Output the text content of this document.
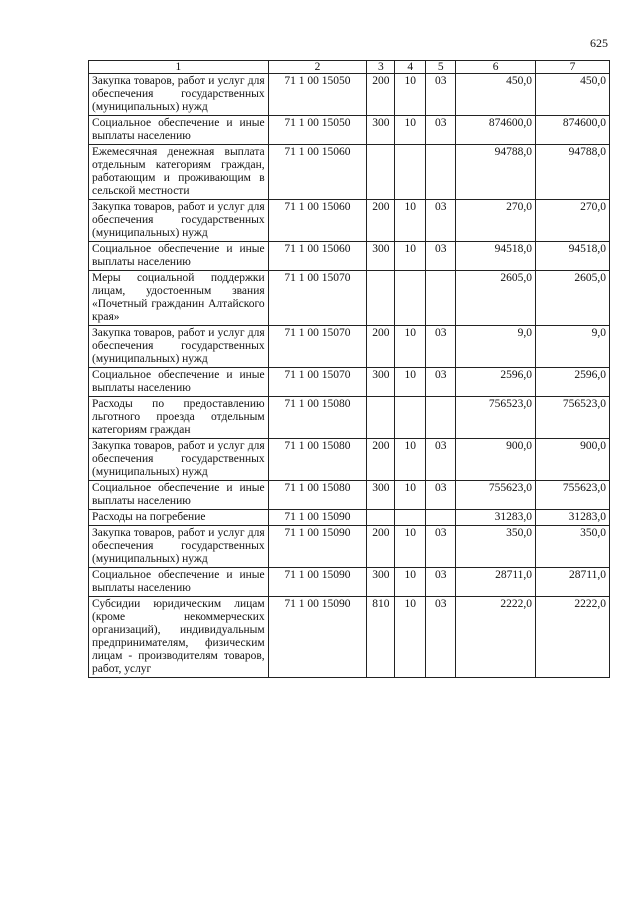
625
1	2	3	4	5	6	7
Закупка товаров, работ и услуг для обеспечения государственных (муниципальных) нужд	71 1 00 15050	200	10	03	450,0	450,0
Социальное обеспечение и иные выплаты населению	71 1 00 15050	300	10	03	874600,0	874600,0
Ежемесячная денежная выплата отдельным категориям граждан, работающим и проживающим в сельской местности	71 1 00 15060				94788,0	94788,0
Закупка товаров, работ и услуг для обеспечения государственных (муниципальных) нужд	71 1 00 15060	200	10	03	270,0	270,0
Социальное обеспечение и иные выплаты населению	71 1 00 15060	300	10	03	94518,0	94518,0
Меры социальной поддержки лицам, удостоенным звания «Почетный гражданин Алтайского края»	71 1 00 15070				2605,0	2605,0
Закупка товаров, работ и услуг для обеспечения государственных (муниципальных) нужд	71 1 00 15070	200	10	03	9,0	9,0
Социальное обеспечение и иные выплаты населению	71 1 00 15070	300	10	03	2596,0	2596,0
Расходы по предоставлению льготного проезда отдельным категориям граждан	71 1 00 15080				756523,0	756523,0
Закупка товаров, работ и услуг для обеспечения государственных (муниципальных) нужд	71 1 00 15080	200	10	03	900,0	900,0
Социальное обеспечение и иные выплаты населению	71 1 00 15080	300	10	03	755623,0	755623,0
Расходы на погребение	71 1 00 15090				31283,0	31283,0
Закупка товаров, работ и услуг для обеспечения государственных (муниципальных) нужд	71 1 00 15090	200	10	03	350,0	350,0
Социальное обеспечение и иные выплаты населению	71 1 00 15090	300	10	03	28711,0	28711,0
Субсидии юридическим лицам (кроме некоммерческих организаций), индивидуальным предпринимателям, физическим лицам - производителям товаров, работ, услуг	71 1 00 15090	810	10	03	2222,0	2222,0
